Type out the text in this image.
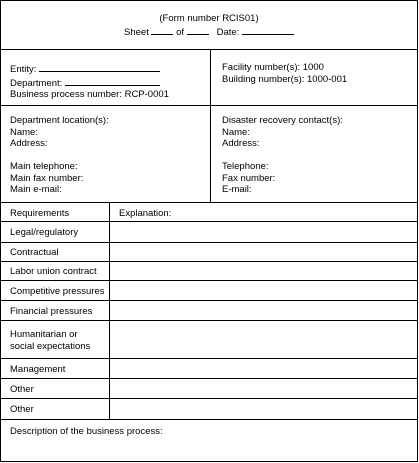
(Form number RCIS01)
Sheet	of	Date:
Entity:
Department:
Business process number: RCP-0001
Facility number(s): 1000
Building number(s): 1000-001
Department location(s):
Name:
Address:
Main telephone:
Main fax number:
Main e-mail:
Disaster recovery contact(s):
Name:
Address:
Telephone:
Fax number:
E-mail:
Requirements	Explanation:
Legal/regulatory
Contractual
Labor union contract
Competitive pressures
Financial pressures
Humanitarian or
social expectations
Management
Other
Other
Description of the business process:
